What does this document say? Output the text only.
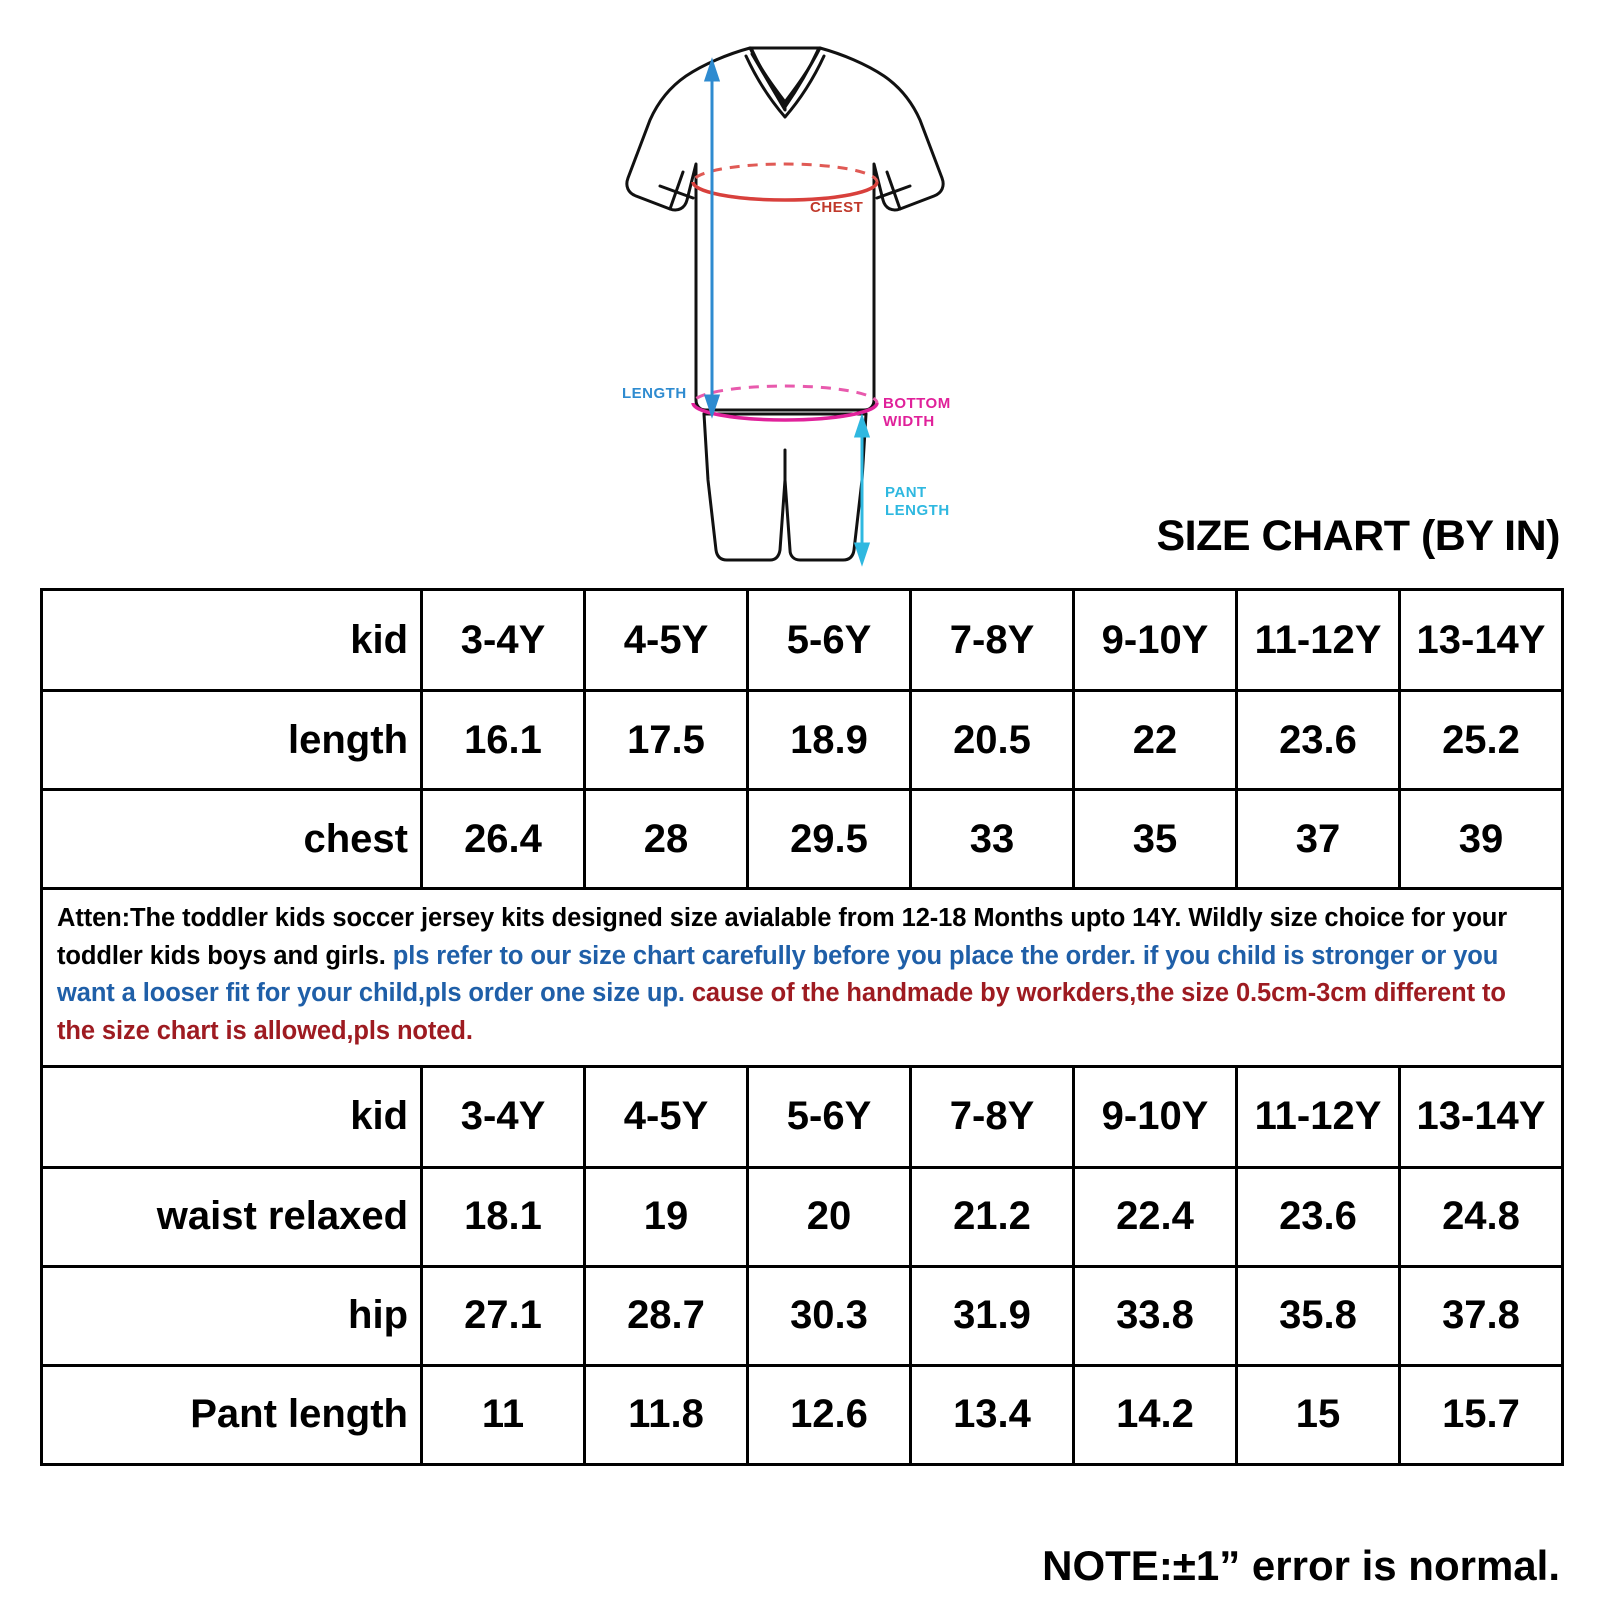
CHEST
BOTTOM
WIDTH
LENGTH
PANT
LENGTH
SIZE CHART (BY IN)
kid	3-4Y	4-5Y	5-6Y	7-8Y	9-10Y	11-12Y	13-14Y
length	16.1	17.5	18.9	20.5	22	23.6	25.2
chest	26.4	28	29.5	33	35	37	39

Atten:The toddler kids soccer jersey kits designed size avialable from 12-18 Months upto 14Y. Wildly size choice for your toddler kids boys and girls. pls refer to our size chart carefully before you place the order. if you child is stronger or you want a looser fit for your child,pls order one size up. cause of the handmade by workders,the size 0.5cm-3cm different to the size chart is allowed,pls noted.							

kid	3-4Y	4-5Y	5-6Y	7-8Y	9-10Y	11-12Y	13-14Y
waist relaxed	18.1	19	20	21.2	22.4	23.6	24.8
hip	27.1	28.7	30.3	31.9	33.8	35.8	37.8
Pant length	11	11.8	12.6	13.4	14.2	15	15.7
NOTE:±1” error is normal.
